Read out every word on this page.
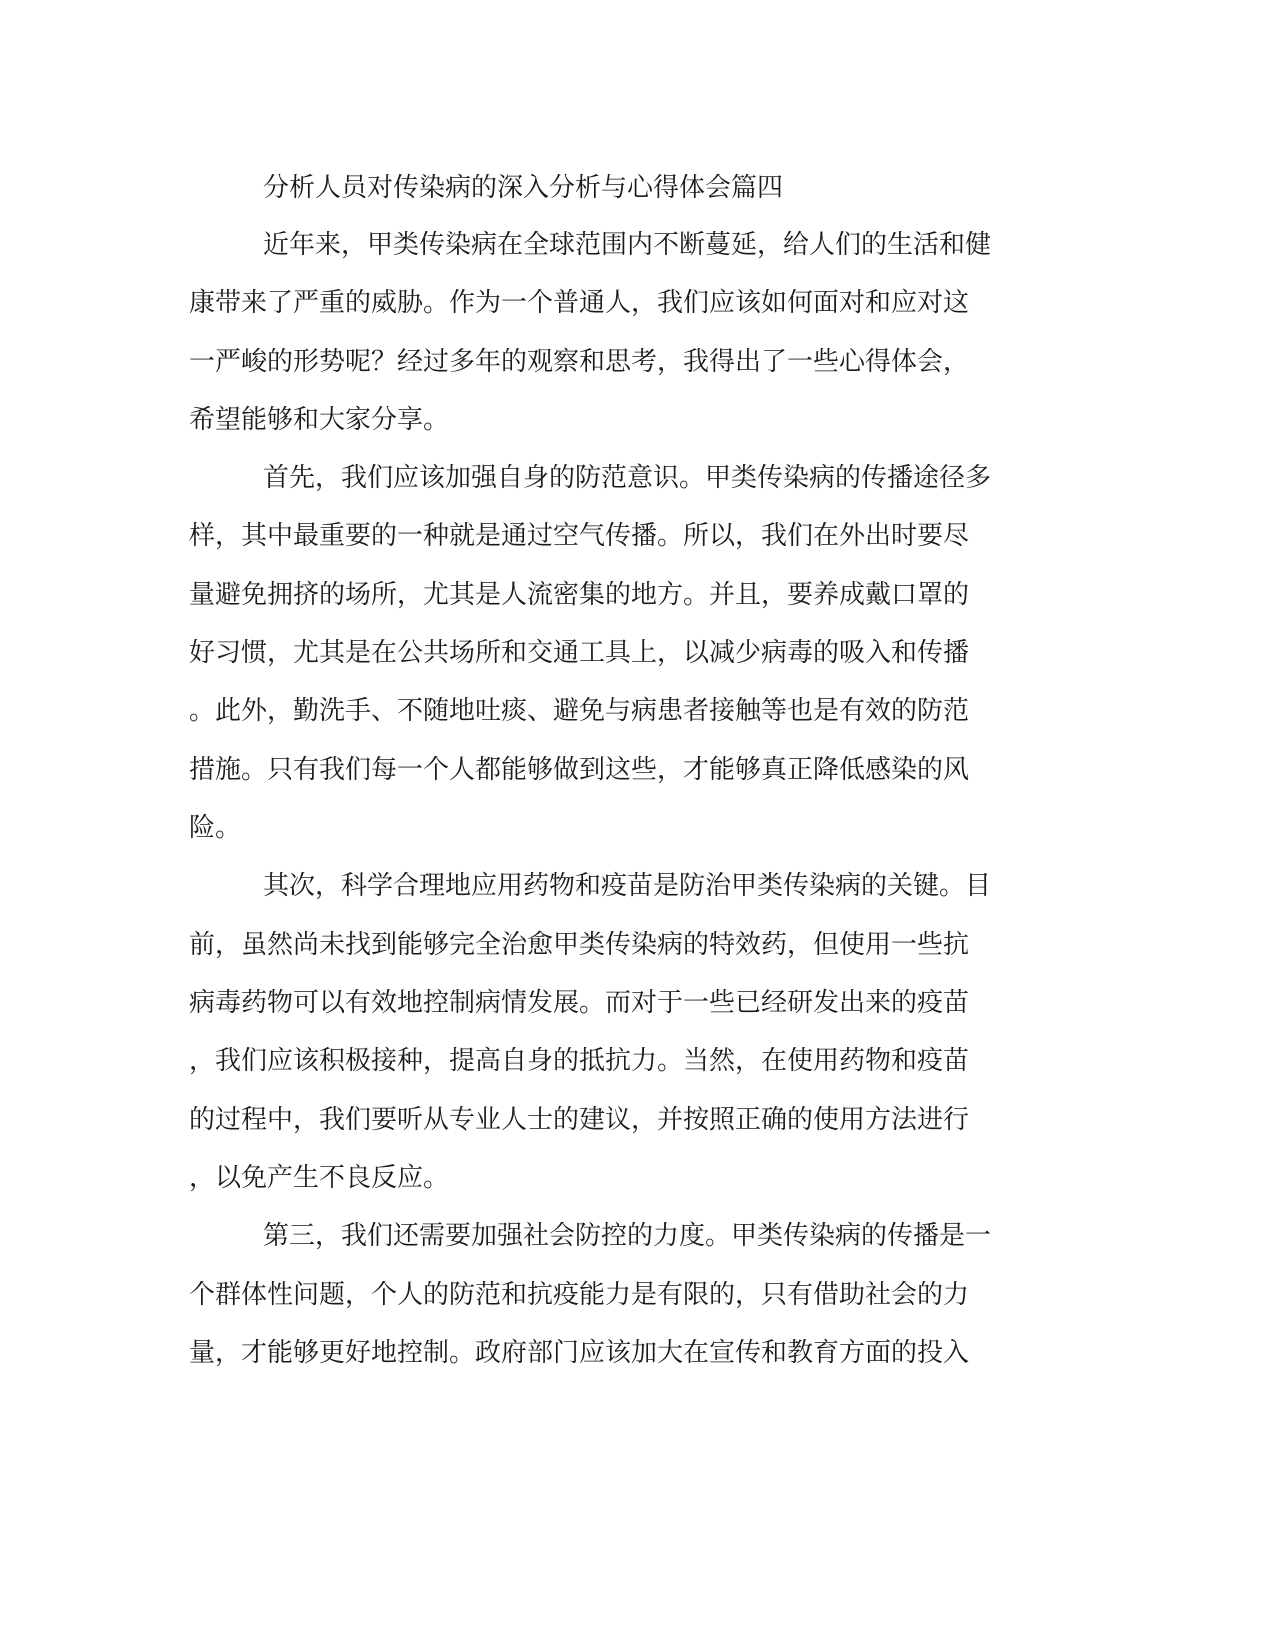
分析人员对传染病的深入分析与心得体会篇四

近年来，甲类传染病在全球范围内不断蔓延，给人们的生活和健

康带来了严重的威胁。作为一个普通人，我们应该如何面对和应对这

一严峻的形势呢？经过多年的观察和思考，我得出了一些心得体会，

希望能够和大家分享。

首先，我们应该加强自身的防范意识。甲类传染病的传播途径多

样，其中最重要的一种就是通过空气传播。所以，我们在外出时要尽

量避免拥挤的场所，尤其是人流密集的地方。并且，要养成戴口罩的

好习惯，尤其是在公共场所和交通工具上，以减少病毒的吸入和传播

。此外，勤洗手、不随地吐痰、避免与病患者接触等也是有效的防范

措施。只有我们每一个人都能够做到这些，才能够真正降低感染的风

险。

其次，科学合理地应用药物和疫苗是防治甲类传染病的关键。目

前，虽然尚未找到能够完全治愈甲类传染病的特效药，但使用一些抗

病毒药物可以有效地控制病情发展。而对于一些已经研发出来的疫苗

，我们应该积极接种，提高自身的抵抗力。当然，在使用药物和疫苗

的过程中，我们要听从专业人士的建议，并按照正确的使用方法进行

，以免产生不良反应。

第三，我们还需要加强社会防控的力度。甲类传染病的传播是一

个群体性问题，个人的防范和抗疫能力是有限的，只有借助社会的力

量，才能够更好地控制。政府部门应该加大在宣传和教育方面的投入
